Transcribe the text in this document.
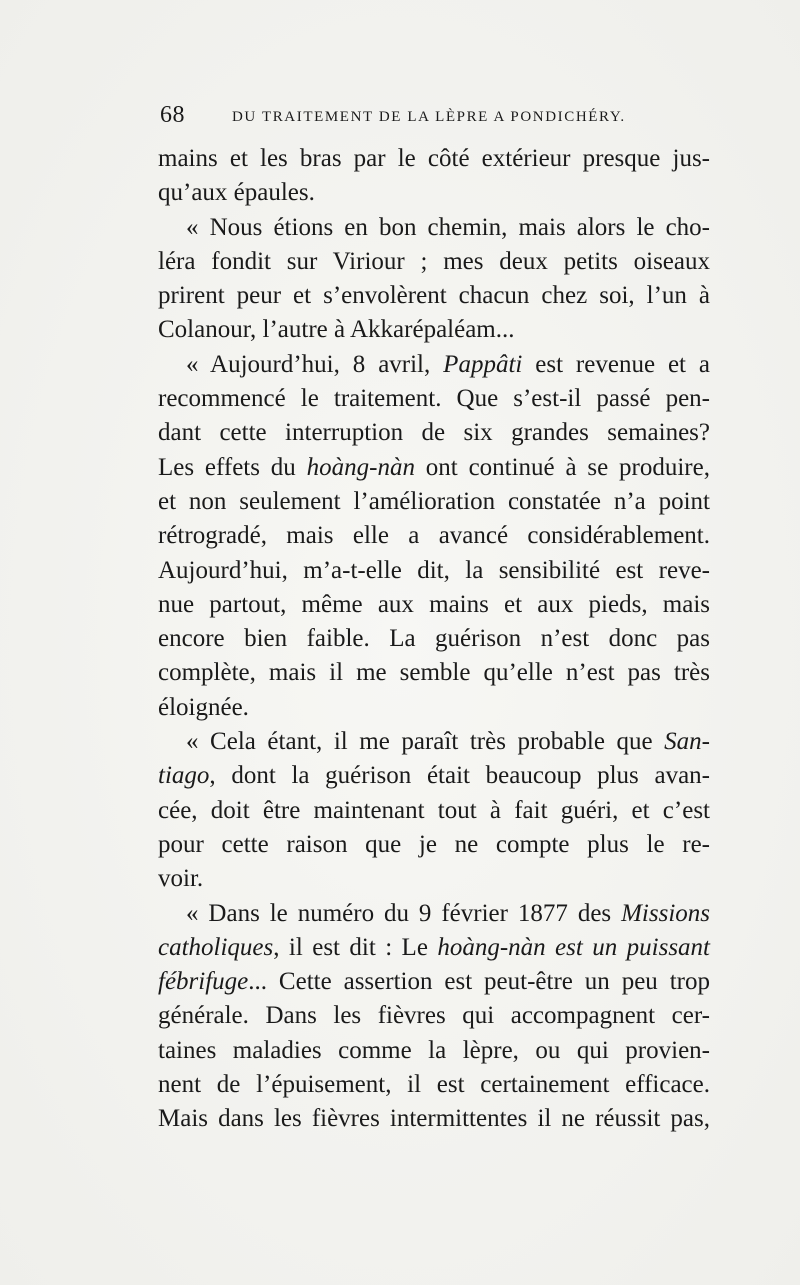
68	DU TRAITEMENT DE LA LÈPRE A PONDICHÉRY.

mains et les bras par le côté extérieur presque jus-

qu’aux épaules.

« Nous étions en bon chemin, mais alors le cho-

léra fondit sur Viriour ; mes deux petits oiseaux

prirent peur et s’envolèrent chacun chez soi, l’un à

Colanour, l’autre à Akkarépaléam...

« Aujourd’hui, 8 avril, Pappâti est revenue et a

recommencé le traitement. Que s’est-il passé pen-

dant cette interruption de six grandes semaines?

Les effets du hoàng-nàn ont continué à se produire,

et non seulement l’amélioration constatée n’a point

rétrogradé, mais elle a avancé considérablement.

Aujourd’hui, m’a-t-elle dit, la sensibilité est reve-

nue partout, même aux mains et aux pieds, mais

encore bien faible. La guérison n’est donc pas

complète, mais il me semble qu’elle n’est pas très

éloignée.

« Cela étant, il me paraît très probable que San-

tiago, dont la guérison était beaucoup plus avan-

cée, doit être maintenant tout à fait guéri, et c’est

pour cette raison que je ne compte plus le re-

voir.

« Dans le numéro du 9 février 1877 des Missions

catholiques, il est dit : Le hoàng-nàn est un puissant

fébrifuge... Cette assertion est peut-être un peu trop

générale. Dans les fièvres qui accompagnent cer-

taines maladies comme la lèpre, ou qui provien-

nent de l’épuisement, il est certainement efficace.

Mais dans les fièvres intermittentes il ne réussit pas,
